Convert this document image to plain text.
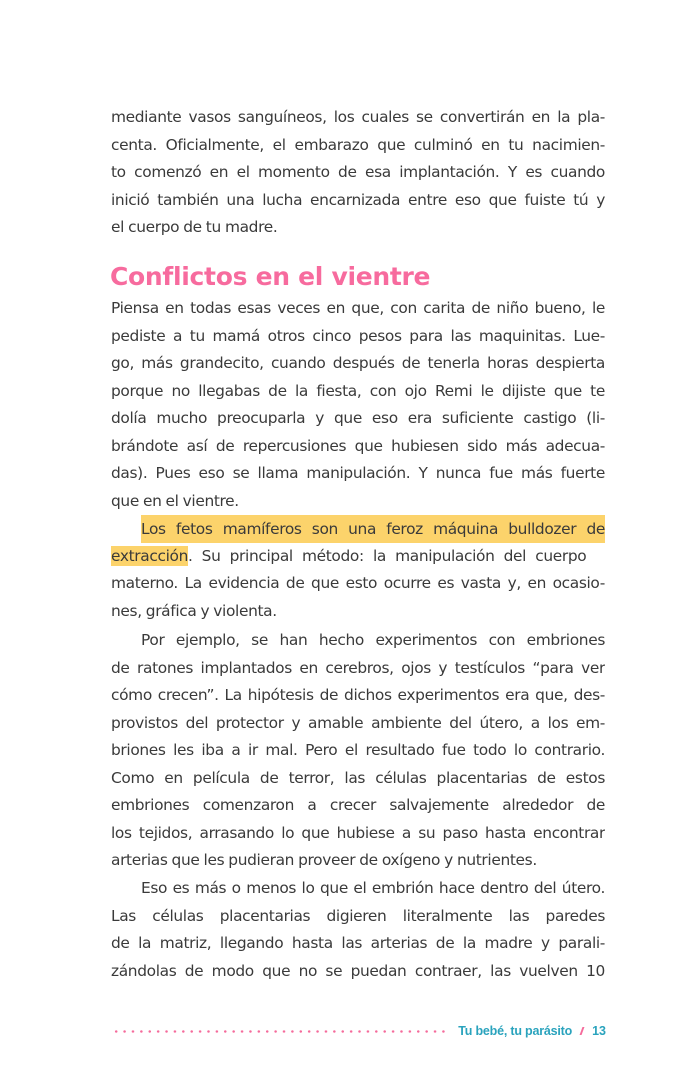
mediante vasos sanguíneos, los cuales se convertirán en la pla-
centa. Oficialmente, el embarazo que culminó en tu nacimien-
to comenzó en el momento de esa implantación. Y es cuando
inició también una lucha encarnizada entre eso que fuiste tú y
el cuerpo de tu madre.
Conflictos en el vientre
Piensa en todas esas veces en que, con carita de niño bueno, le
pediste a tu mamá otros cinco pesos para las maquinitas. Lue-
go, más grandecito, cuando después de tenerla horas despierta
porque no llegabas de la fiesta, con ojo Remi le dijiste que te
dolía mucho preocuparla y que eso era suficiente castigo (li-
brándote así de repercusiones que hubiesen sido más adecua-
das). Pues eso se llama manipulación. Y nunca fue más fuerte
que en el vientre.
Los fetos mamíferos son una feroz máquina bulldozer de
extracción. Su principal método: la manipulación del cuerpo
materno. La evidencia de que esto ocurre es vasta y, en ocasio-
nes, gráfica y violenta.
Por ejemplo, se han hecho experimentos con embriones
de ratones implantados en cerebros, ojos y testículos “para ver
cómo crecen”. La hipótesis de dichos experimentos era que, des-
provistos del protector y amable ambiente del útero, a los em-
briones les iba a ir mal. Pero el resultado fue todo lo contrario.
Como en película de terror, las células placentarias de estos
embriones comenzaron a crecer salvajemente alrededor de
los tejidos, arrasando lo que hubiese a su paso hasta encontrar
arterias que les pudieran proveer de oxígeno y nutrientes.
Eso es más o menos lo que el embrión hace dentro del útero.
Las células placentarias digieren literalmente las paredes
de la matriz, llegando hasta las arterias de la madre y parali-
zándolas de modo que no se puedan contraer, las vuelven 10
Tu bebé, tu parásito 13
